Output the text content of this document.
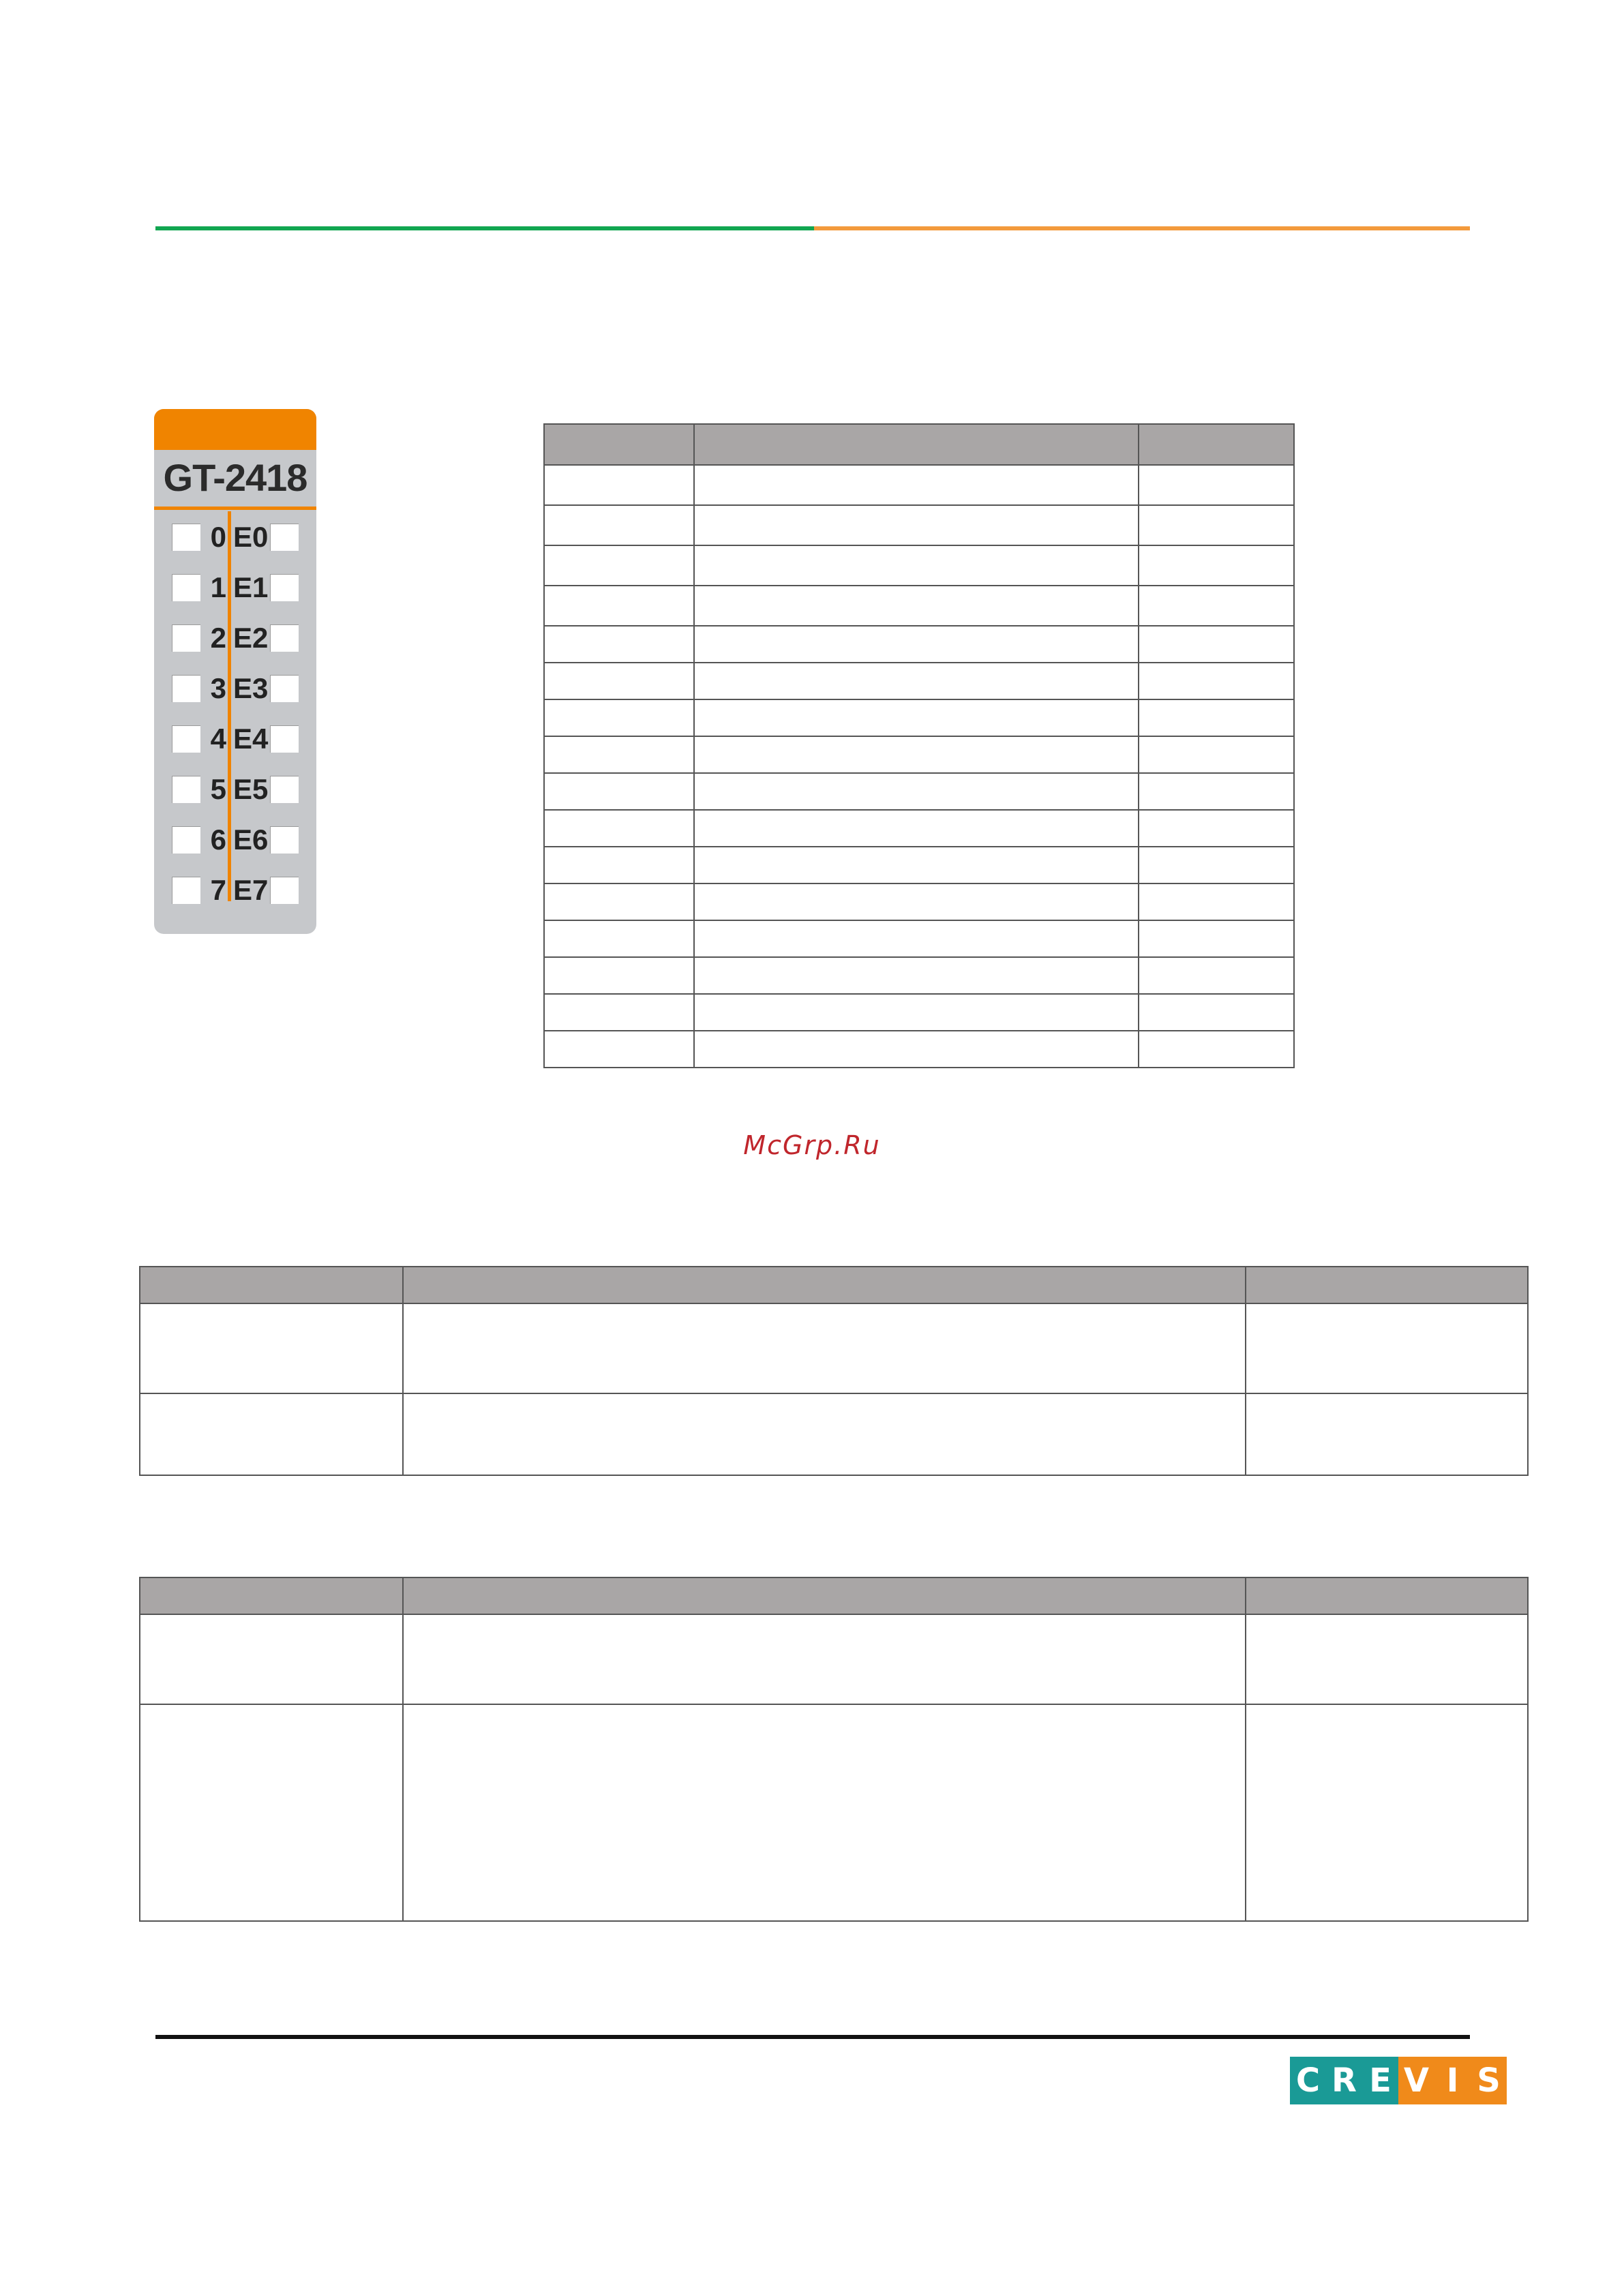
GT-2418
0 E0
1 E1
2 E2
3 E3
4 E4
5 E5
6 E6
7 E7

McGrp.Ru

C R E V I S
